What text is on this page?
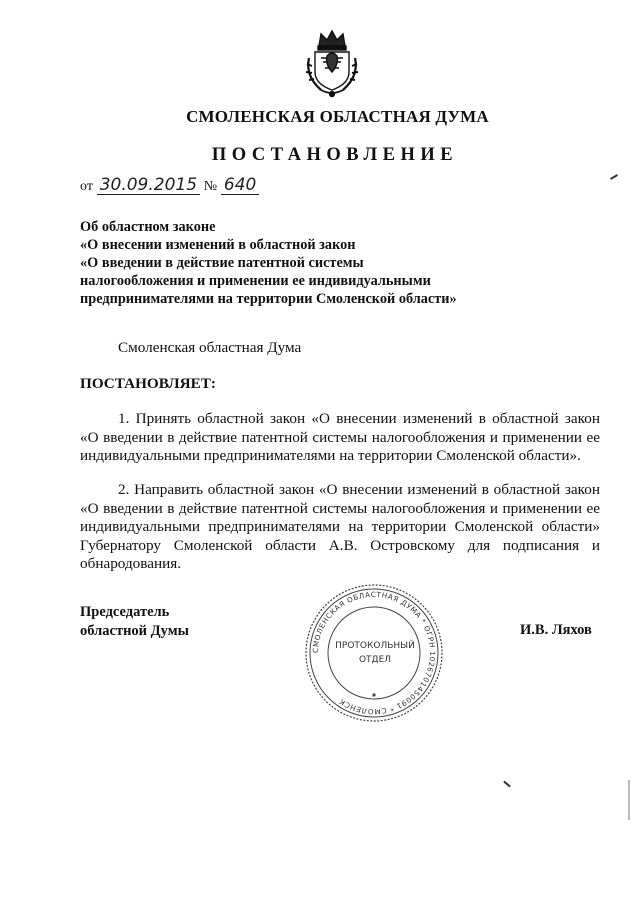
СМОЛЕНСКАЯ ОБЛАСТНАЯ ДУМА
ПОСТАНОВЛЕНИЕ
от 30.09.2015 № 640
Об областном законе
«О внесении изменений в областной закон
«О введении в действие патентной системы
налогообложения и применении ее индивидуальными
предпринимателями на территории Смоленской области»
Смоленская областная Дума
ПОСТАНОВЛЯЕТ:
1. Принять областной закон «О внесении изменений в областной закон «О введении в действие патентной системы налогообложения и применении ее индивидуальными предпринимателями на территории Смоленской области».
2. Направить областной закон «О внесении изменений в областной закон «О введении в действие патентной системы налогообложения и применении ее индивидуальными предпринимателями на территории Смоленской области» Губернатору Смоленской области А.В. Островскому для подписания и обнародования.
Председатель
областной Думы	И.В. Ляхов
СМОЛЕНСКАЯ ОБЛАСТНАЯ ДУМА * ОГРН 1026701450091 * СМОЛЕНСК
ПРОТОКОЛЬНЫЙ
ОТДЕЛ
